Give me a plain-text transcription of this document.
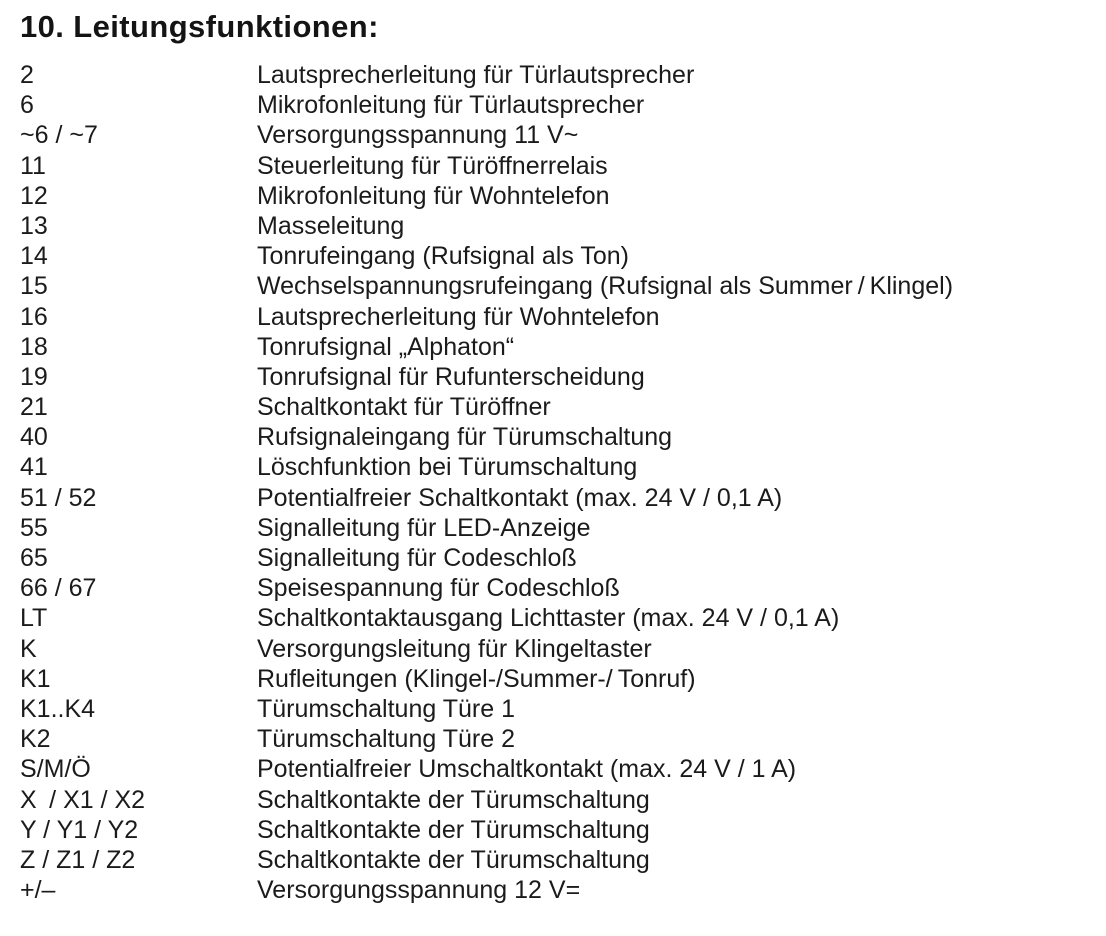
10. Leitungsfunktionen:
2	Lautsprecherleitung für Türlautsprecher
6	Mikrofonleitung für Türlautsprecher
~6 / ~7	Versorgungsspannung 11 V~
11	Steuerleitung für Türöffnerrelais
12	Mikrofonleitung für Wohntelefon
13	Masseleitung
14	Tonrufeingang (Rufsignal als Ton)
15	Wechselspannungsrufeingang (Rufsignal als Summer / Klingel)
16	Lautsprecherleitung für Wohntelefon
18	Tonrufsignal „Alphaton“
19	Tonrufsignal für Rufunterscheidung
21	Schaltkontakt für Türöffner
40	Rufsignaleingang für Türumschaltung
41	Löschfunktion bei Türumschaltung
51 / 52	Potentialfreier Schaltkontakt (max. 24 V / 0,1 A)
55	Signalleitung für LED-Anzeige
65	Signalleitung für Codeschloß
66 / 67	Speisespannung für Codeschloß
LT	Schaltkontaktausgang Lichttaster (max. 24 V / 0,1 A)
K	Versorgungsleitung für Klingeltaster
K1	Rufleitungen (Klingel-/Summer-/ Tonruf)
K1..K4	Türumschaltung Türe 1
K2	Türumschaltung Türe 2
S/M/Ö	Potentialfreier Umschaltkontakt (max. 24 V / 1 A)
X / X1 / X2	Schaltkontakte der Türumschaltung
Y / Y1 / Y2	Schaltkontakte der Türumschaltung
Z / Z1 / Z2	Schaltkontakte der Türumschaltung
+/–	Versorgungsspannung 12 V=
